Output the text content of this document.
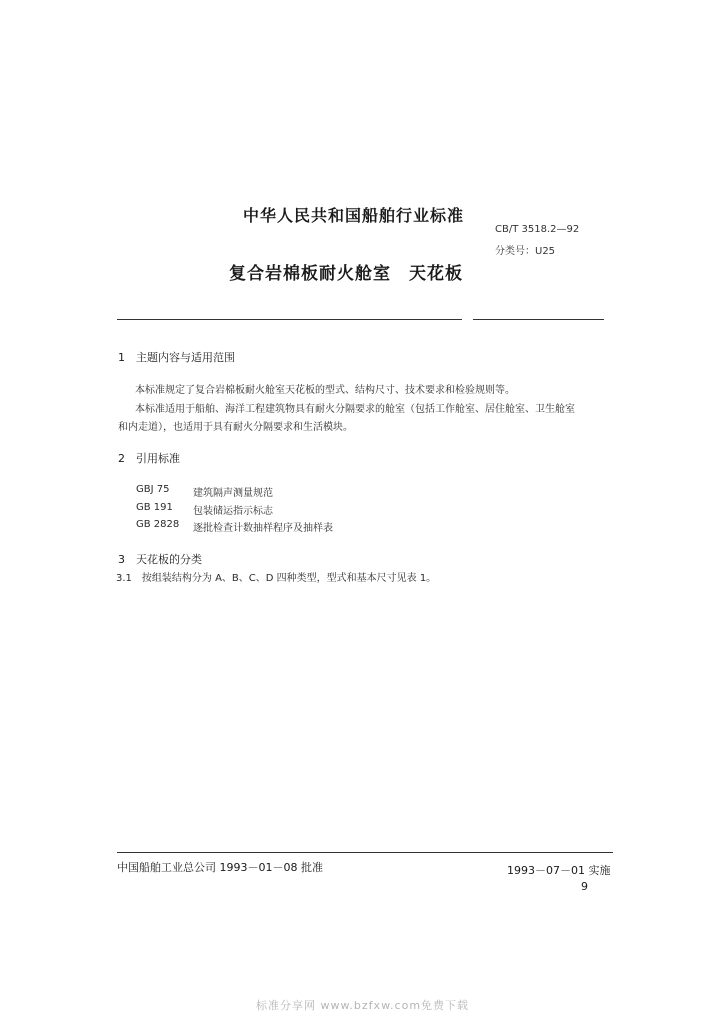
中华人民共和国船舶行业标准
CB/T 3518.2—92
分类号：U25
复合岩棉板耐火舱室　天花板
1　主题内容与适用范围
本标准规定了复合岩棉板耐火舱室天花板的型式、结构尺寸、技术要求和检验规则等。
本标准适用于船舶、海洋工程建筑物具有耐火分隔要求的舱室（包括工作舱室、居住舱室、卫生舱室
和内走道），也适用于具有耐火分隔要求和生活模块。
2　引用标准
GBJ 75 建筑隔声测量规范
GB 191 包装储运指示标志
GB 2828 逐批检查计数抽样程序及抽样表
3　天花板的分类
3.1　按组装结构分为 A、B、C、D 四种类型，型式和基本尺寸见表 1。
中国船舶工业总公司 1993－01－08 批准	1993－07－01 实施
9
标准分享网 www.bzfxw.com免费下载
